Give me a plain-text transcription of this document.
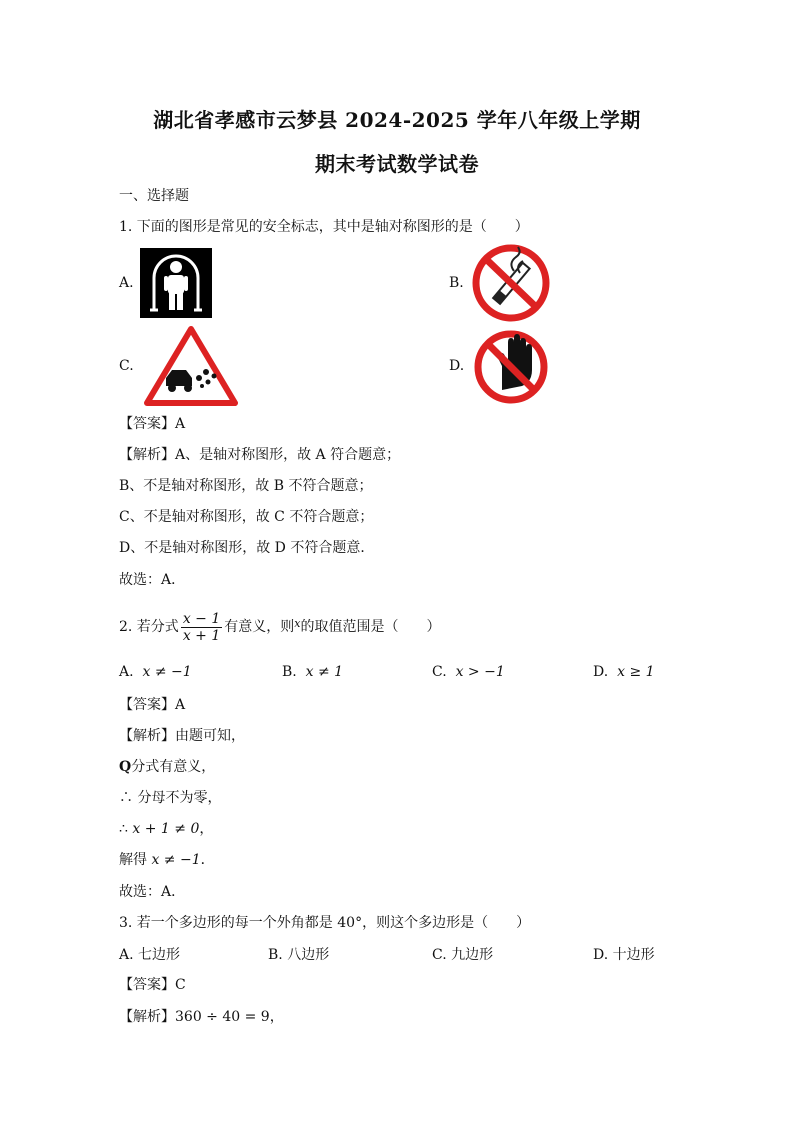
湖北省孝感市云梦县 2024-2025 学年八年级上学期
期末考试数学试卷
一、选择题
1. 下面的图形是常见的安全标志，其中是轴对称图形的是（　　）
A.	B.
C.	D.
【答案】A
【解析】A、是轴对称图形，故 A 符合题意；
B、不是轴对称图形，故 B 不符合题意；
C、不是轴对称图形，故 C 不符合题意；
D、不是轴对称图形，故 D 不符合题意．
故选：A．
2. 若分式 $\frac{x - 1}{x + 1}$ 有意义，则$^x$的取值范围是（　　）
A. x ≠ −1	B. x ≠ 1	C. x > −1	D. x ≥ 1
【答案】A
【解析】由题可知，
Q分式有意义，
∴ 分母不为零，
∴ x + 1 ≠ 0，
解得 x ≠ −1．
故选：A．
3. 若一个多边形的每一个外角都是 40°，则这个多边形是（　　）
A. 七边形	B. 八边形	C. 九边形	D. 十边形
【答案】C
【解析】360 ÷ 40 = 9，
